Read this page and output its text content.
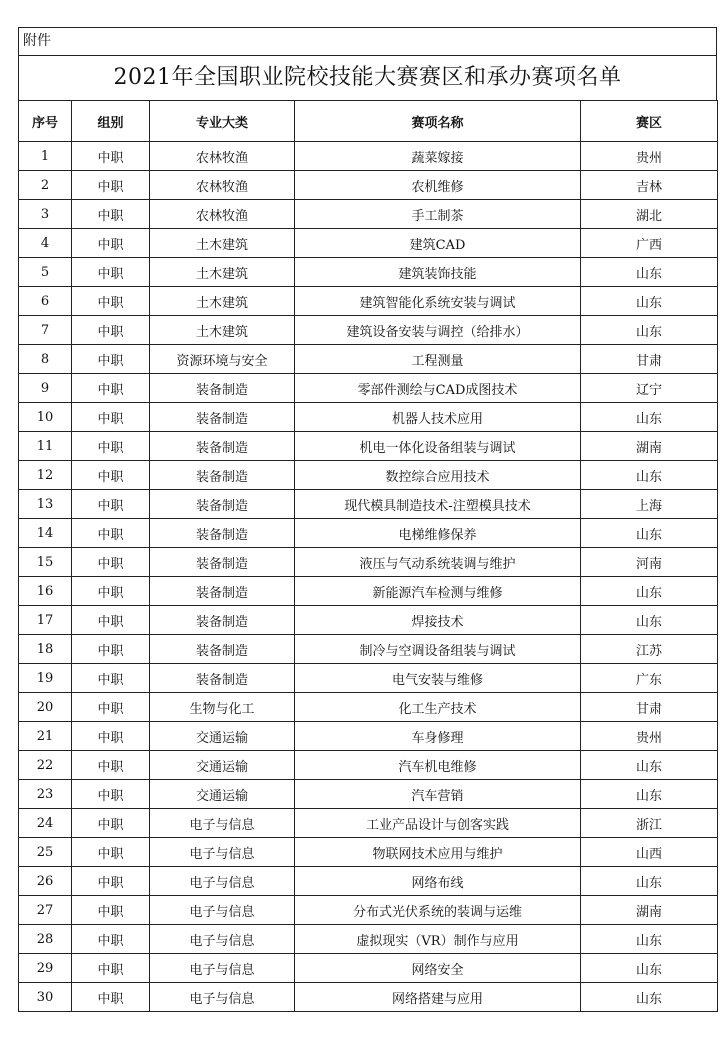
附件
2021年全国职业院校技能大赛赛区和承办赛项名单
序号	组别	专业大类	赛项名称	赛区
1	中职	农林牧渔	蔬菜嫁接	贵州
2	中职	农林牧渔	农机维修	吉林
3	中职	农林牧渔	手工制茶	湖北
4	中职	土木建筑	建筑CAD	广西
5	中职	土木建筑	建筑装饰技能	山东
6	中职	土木建筑	建筑智能化系统安装与调试	山东
7	中职	土木建筑	建筑设备安装与调控（给排水）	山东
8	中职	资源环境与安全	工程测量	甘肃
9	中职	装备制造	零部件测绘与CAD成图技术	辽宁
10	中职	装备制造	机器人技术应用	山东
11	中职	装备制造	机电一体化设备组装与调试	湖南
12	中职	装备制造	数控综合应用技术	山东
13	中职	装备制造	现代模具制造技术-注塑模具技术	上海
14	中职	装备制造	电梯维修保养	山东
15	中职	装备制造	液压与气动系统装调与维护	河南
16	中职	装备制造	新能源汽车检测与维修	山东
17	中职	装备制造	焊接技术	山东
18	中职	装备制造	制冷与空调设备组装与调试	江苏
19	中职	装备制造	电气安装与维修	广东
20	中职	生物与化工	化工生产技术	甘肃
21	中职	交通运输	车身修理	贵州
22	中职	交通运输	汽车机电维修	山东
23	中职	交通运输	汽车营销	山东
24	中职	电子与信息	工业产品设计与创客实践	浙江
25	中职	电子与信息	物联网技术应用与维护	山西
26	中职	电子与信息	网络布线	山东
27	中职	电子与信息	分布式光伏系统的装调与运维	湖南
28	中职	电子与信息	虚拟现实（VR）制作与应用	山东
29	中职	电子与信息	网络安全	山东
30	中职	电子与信息	网络搭建与应用	山东
